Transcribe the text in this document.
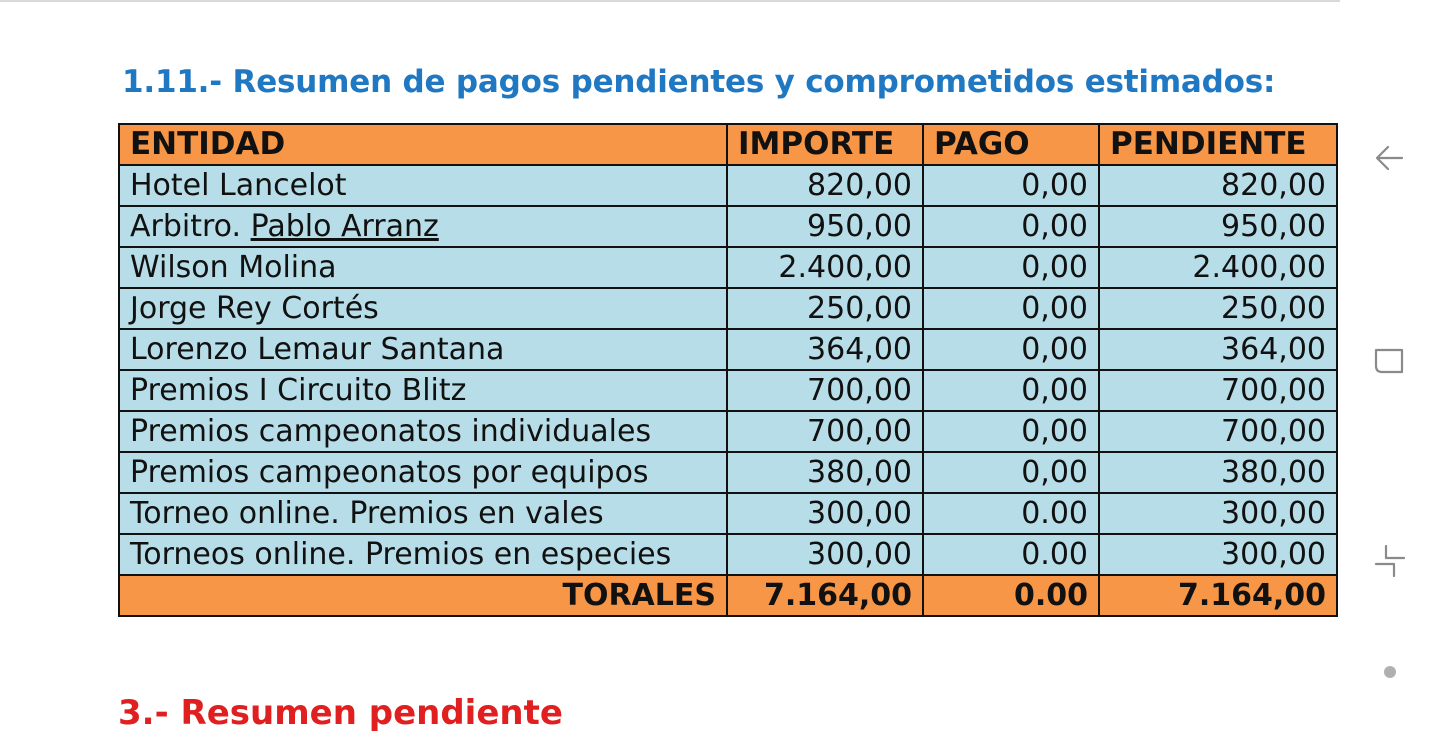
1.11.- Resumen de pagos pendientes y comprometidos estimados:
ENTIDAD	IMPORTE	PAGO	PENDIENTE
Hotel Lancelot	820,00	0,00	820,00
Arbitro. Pablo Arranz	950,00	0,00	950,00
Wilson Molina	2.400,00	0,00	2.400,00
Jorge Rey Cortés	250,00	0,00	250,00
Lorenzo Lemaur Santana	364,00	0,00	364,00
Premios I Circuito Blitz	700,00	0,00	700,00
Premios campeonatos individuales	700,00	0,00	700,00
Premios campeonatos por equipos	380,00	0,00	380,00
Torneo online. Premios en vales	300,00	0.00	300,00
Torneos online. Premios en especies	300,00	0.00	300,00
TORALES	7.164,00	0.00	7.164,00
3.- Resumen pendiente
